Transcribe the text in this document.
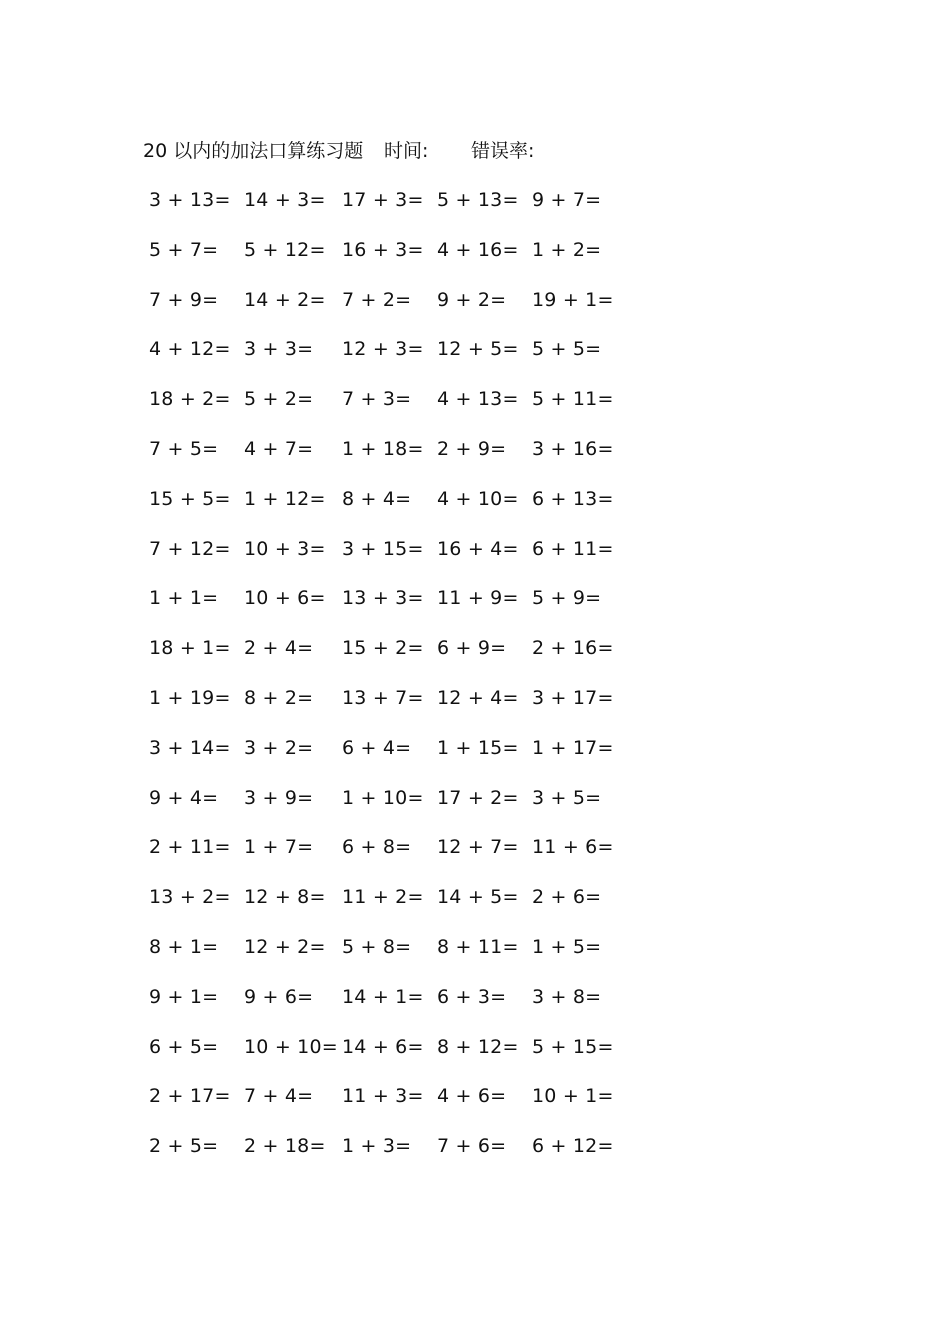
20 以内的加法口算练习题 时间: 错误率:
3 + 13= 14 + 3= 17 + 3= 5 + 13= 9 + 7=
5 + 7= 5 + 12= 16 + 3= 4 + 16= 1 + 2=
7 + 9= 14 + 2= 7 + 2= 9 + 2= 19 + 1=
4 + 12= 3 + 3= 12 + 3= 12 + 5= 5 + 5=
18 + 2= 5 + 2= 7 + 3= 4 + 13= 5 + 11=
7 + 5= 4 + 7= 1 + 18= 2 + 9= 3 + 16=
15 + 5= 1 + 12= 8 + 4= 4 + 10= 6 + 13=
7 + 12= 10 + 3= 3 + 15= 16 + 4= 6 + 11=
1 + 1= 10 + 6= 13 + 3= 11 + 9= 5 + 9=
18 + 1= 2 + 4= 15 + 2= 6 + 9= 2 + 16=
1 + 19= 8 + 2= 13 + 7= 12 + 4= 3 + 17=
3 + 14= 3 + 2= 6 + 4= 1 + 15= 1 + 17=
9 + 4= 3 + 9= 1 + 10= 17 + 2= 3 + 5=
2 + 11= 1 + 7= 6 + 8= 12 + 7= 11 + 6=
13 + 2= 12 + 8= 11 + 2= 14 + 5= 2 + 6=
8 + 1= 12 + 2= 5 + 8= 8 + 11= 1 + 5=
9 + 1= 9 + 6= 14 + 1= 6 + 3= 3 + 8=
6 + 5= 10 + 10= 14 + 6= 8 + 12= 5 + 15=
2 + 17= 7 + 4= 11 + 3= 4 + 6= 10 + 1=
2 + 5= 2 + 18= 1 + 3= 7 + 6= 6 + 12=
